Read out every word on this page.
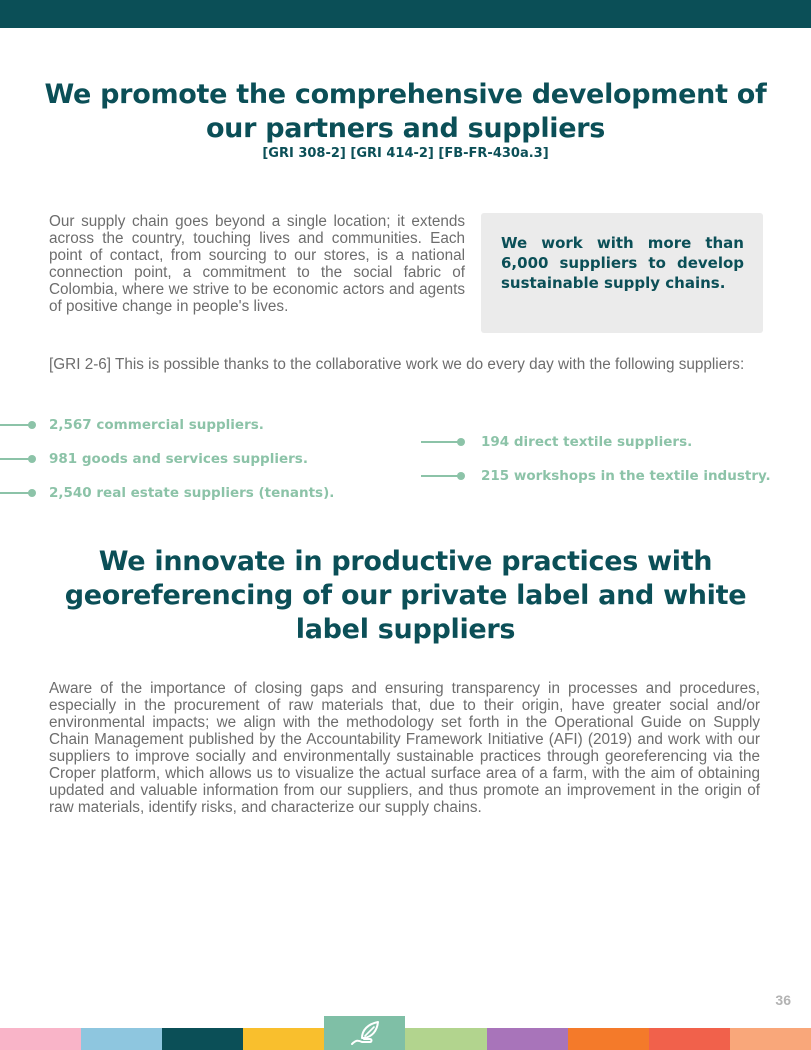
We promote the comprehensive development of our partners and suppliers
[GRI 308-2] [GRI 414-2] [FB-FR-430a.3]

Our supply chain goes beyond a single location; it extends across the country, touching lives and communities. Each point of contact, from sourcing to our stores, is a national connection point, a commitment to the social fabric of Colombia, where we strive to be economic actors and agents of positive change in people's lives.

We work with more than 6,000 suppliers to develop sustainable supply chains.

[GRI 2-6] This is possible thanks to the collaborative work we do every day with the following suppliers:

2,567 commercial suppliers.
981 goods and services suppliers.
2,540 real estate suppliers (tenants).
194 direct textile suppliers.
215 workshops in the textile industry.
We innovate in productive practices with georeferencing of our private label and white label suppliers

Aware of the importance of closing gaps and ensuring transparency in processes and procedures, especially in the procurement of raw materials that, due to their origin, have greater social and/or environmental impacts; we align with the methodology set forth in the Operational Guide on Supply Chain Management published by the Accountability Framework Initiative (AFI) (2019) and work with our suppliers to improve socially and environmentally sustainable practices through georeferencing via the Croper platform, which allows us to visualize the actual surface area of a farm, with the aim of obtaining updated and valuable information from our suppliers, and thus promote an improvement in the origin of raw materials, identify risks, and characterize our supply chains.

36
